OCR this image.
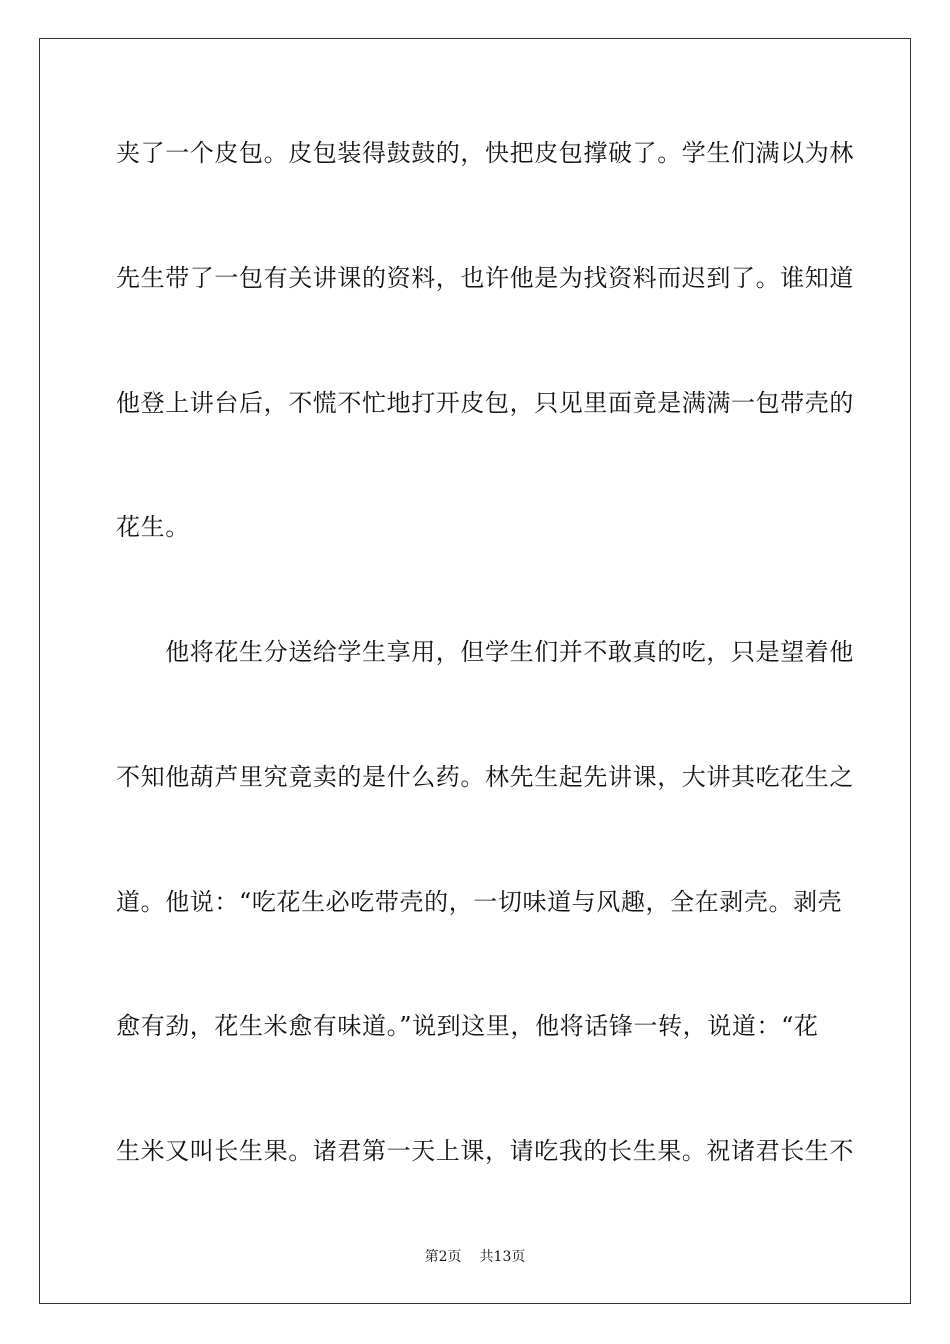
夹了一个皮包。皮包装得鼓鼓的，快把皮包撑破了。学生们满以为林
先生带了一包有关讲课的资料，也许他是为找资料而迟到了。谁知道
他登上讲台后，不慌不忙地打开皮包，只见里面竟是满满一包带壳的
花生。
　　他将花生分送给学生享用，但学生们并不敢真的吃，只是望着他
不知他葫芦里究竟卖的是什么药。林先生起先讲课，大讲其吃花生之
道。他说：“吃花生必吃带壳的，一切味道与风趣，全在剥壳。剥壳
愈有劲，花生米愈有味道。”说到这里，他将话锋一转，说道：“花
生米又叫长生果。诸君第一天上课，请吃我的长生果。祝诸君长生不
第2页 共13页
